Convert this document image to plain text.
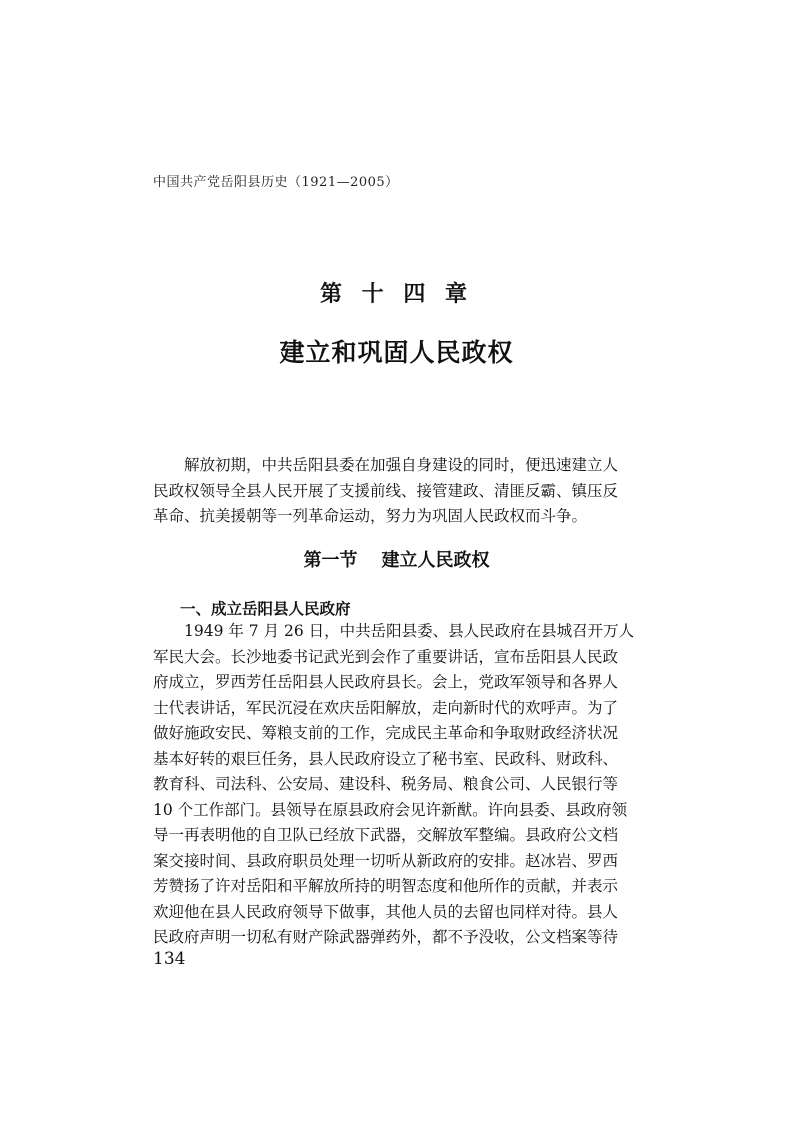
中国共产党岳阳县历史（1921—2005）
第 十 四 章
建立和巩固人民政权
解放初期，中共岳阳县委在加强自身建设的同时，便迅速建立人
民政权领导全县人民开展了支援前线、接管建政、清匪反霸、镇压反
革命、抗美援朝等一列革命运动，努力为巩固人民政权而斗争。
第一节 建立人民政权
一、成立岳阳县人民政府
1949 年 7 月 26 日，中共岳阳县委、县人民政府在县城召开万人
军民大会。长沙地委书记武光到会作了重要讲话，宣布岳阳县人民政
府成立，罗西芳任岳阳县人民政府县长。会上，党政军领导和各界人
士代表讲话，军民沉浸在欢庆岳阳解放，走向新时代的欢呼声。为了
做好施政安民、筹粮支前的工作，完成民主革命和争取财政经济状况
基本好转的艰巨任务，县人民政府设立了秘书室、民政科、财政科、
教育科、司法科、公安局、建设科、税务局、粮食公司、人民银行等
10 个工作部门。县领导在原县政府会见许新猷。许向县委、县政府领
导一再表明他的自卫队已经放下武器，交解放军整编。县政府公文档
案交接时间、县政府职员处理一切听从新政府的安排。赵冰岩、罗西
芳赞扬了许对岳阳和平解放所持的明智态度和他所作的贡献，并表示
欢迎他在县人民政府领导下做事，其他人员的去留也同样对待。县人
民政府声明一切私有财产除武器弹药外，都不予没收，公文档案等待
134
